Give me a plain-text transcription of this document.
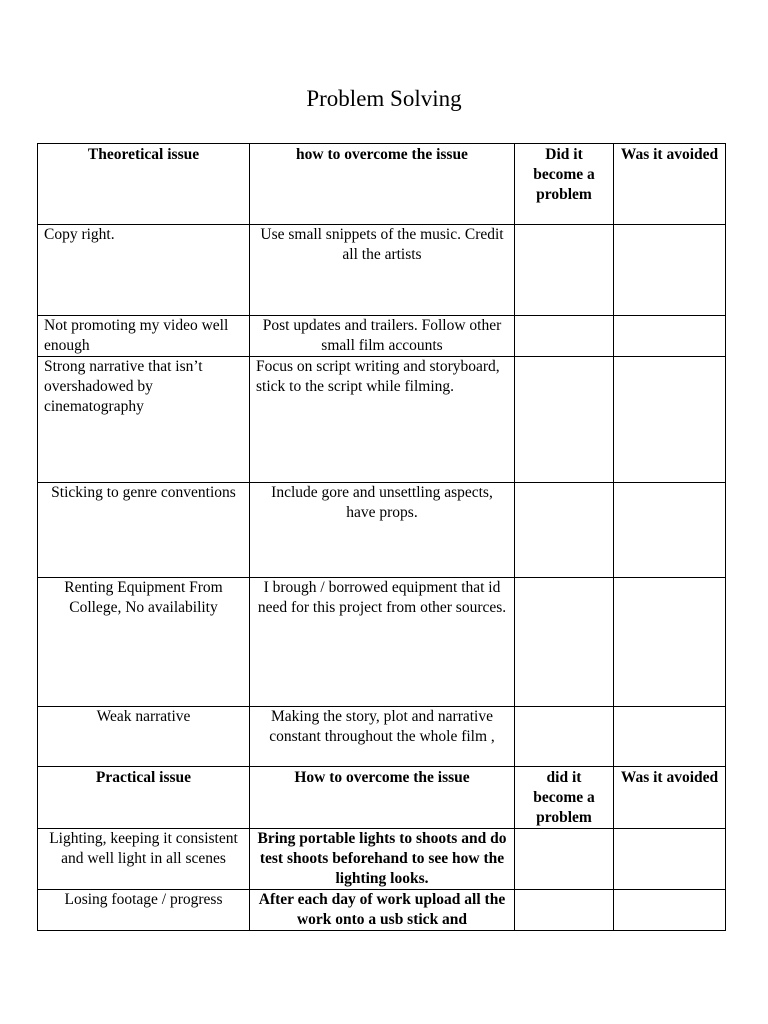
Problem Solving
Theoretical issue	how to overcome the issue	Did it become a problem	Was it avoided
Copy right.	Use small snippets of the music. Credit all the artists		
Not promoting my video well enough	Post updates and trailers. Follow other small film accounts		
Strong narrative that isn’t overshadowed by cinematography	Focus on script writing and storyboard, stick to the script while filming.		
Sticking to genre conventions	Include gore and unsettling aspects, have props.		
Renting Equipment From College, No availability	I brough / borrowed equipment that id need for this project from other sources.		
Weak narrative	Making the story, plot and narrative constant throughout the whole film ,		
Practical issue	How to overcome the issue	did it become a problem	Was it avoided
Lighting, keeping it consistent and well light in all scenes	Bring portable lights to shoots and do test shoots beforehand to see how the lighting looks.		
Losing footage / progress	After each day of work upload all the work onto a usb stick and		
